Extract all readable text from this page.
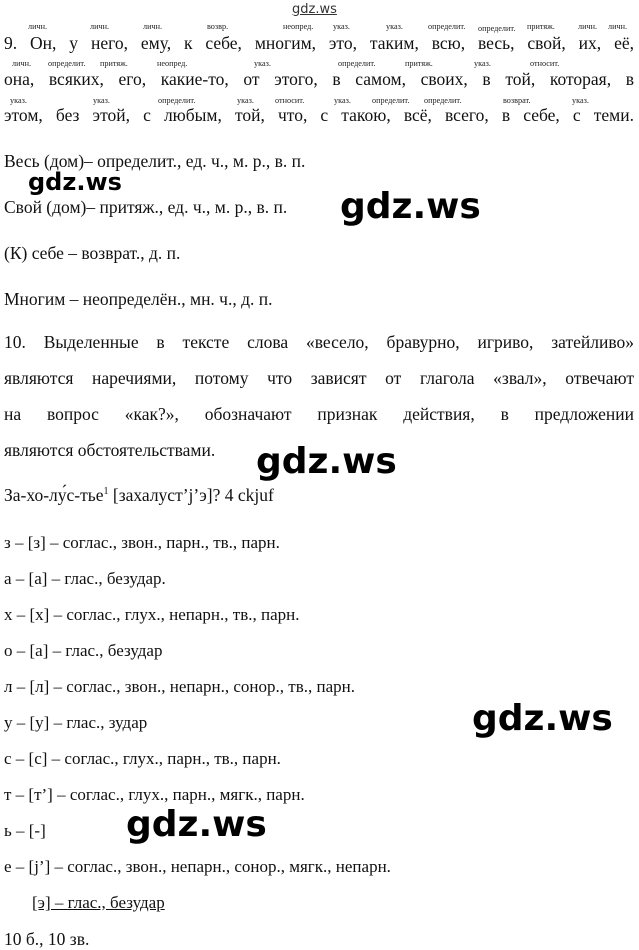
gdz.ws
личн.	личн.	личн.	возвр.	неопред. указ.	указ.	определит. определит. притяж.	личн. личн.
9. Он, у него, ему, к себе, многим, это, таким, всю, весь, свой, их, её,
личн. определит. притяж.	неопред.	указ.	определит.	притяж.	указ.	относит.
она, всяких, его, какие-то, от этого, в самом, своих, в той, которая, в
указ.	указ.	определит.	указ.	относит.	указ.	определит. определит.	возврат.	указ.
этом, без этой, с любым, той, что, с такою, всё, всего, в себе, с теми.
Весь (дом)– определит., ед. ч., м. р., в. п.
Свой (дом)– притяж., ед. ч., м. р., в. п.
(К) себе – возврат., д. п.
Многим – неопределён., мн. ч., д. п.
10. Выделенные в тексте слова «весело, бравурно, игриво, затейливо»
являются наречиями, потому что зависят от глагола «звал», отвечают
на вопрос «как?», обозначают признак действия, в предложении
являются обстоятельствами.
За-хо-лу́с-тье$^1$ [захалуст’j’э]? 4 ckjuf
з – [з] – соглас., звон., парн., тв., парн.
а – [а] – глас., безудар.
х – [х] – соглас., глух., непарн., тв., парн.
о – [а] – глас., безудар
л – [л] – соглас., звон., непарн., сонор., тв., парн.
у – [у] – глас., зудар
с – [с] – соглас., глух., парн., тв., парн.
т – [т’] – соглас., глух., парн., мягк., парн.
ь – [-]
е – [j’] – соглас., звон., непарн., сонор., мягк., непарн.
[э] – глас., безудар
10 б., 10 зв.
gdz.ws
gdz.ws
gdz.ws
gdz.ws
gdz.ws
